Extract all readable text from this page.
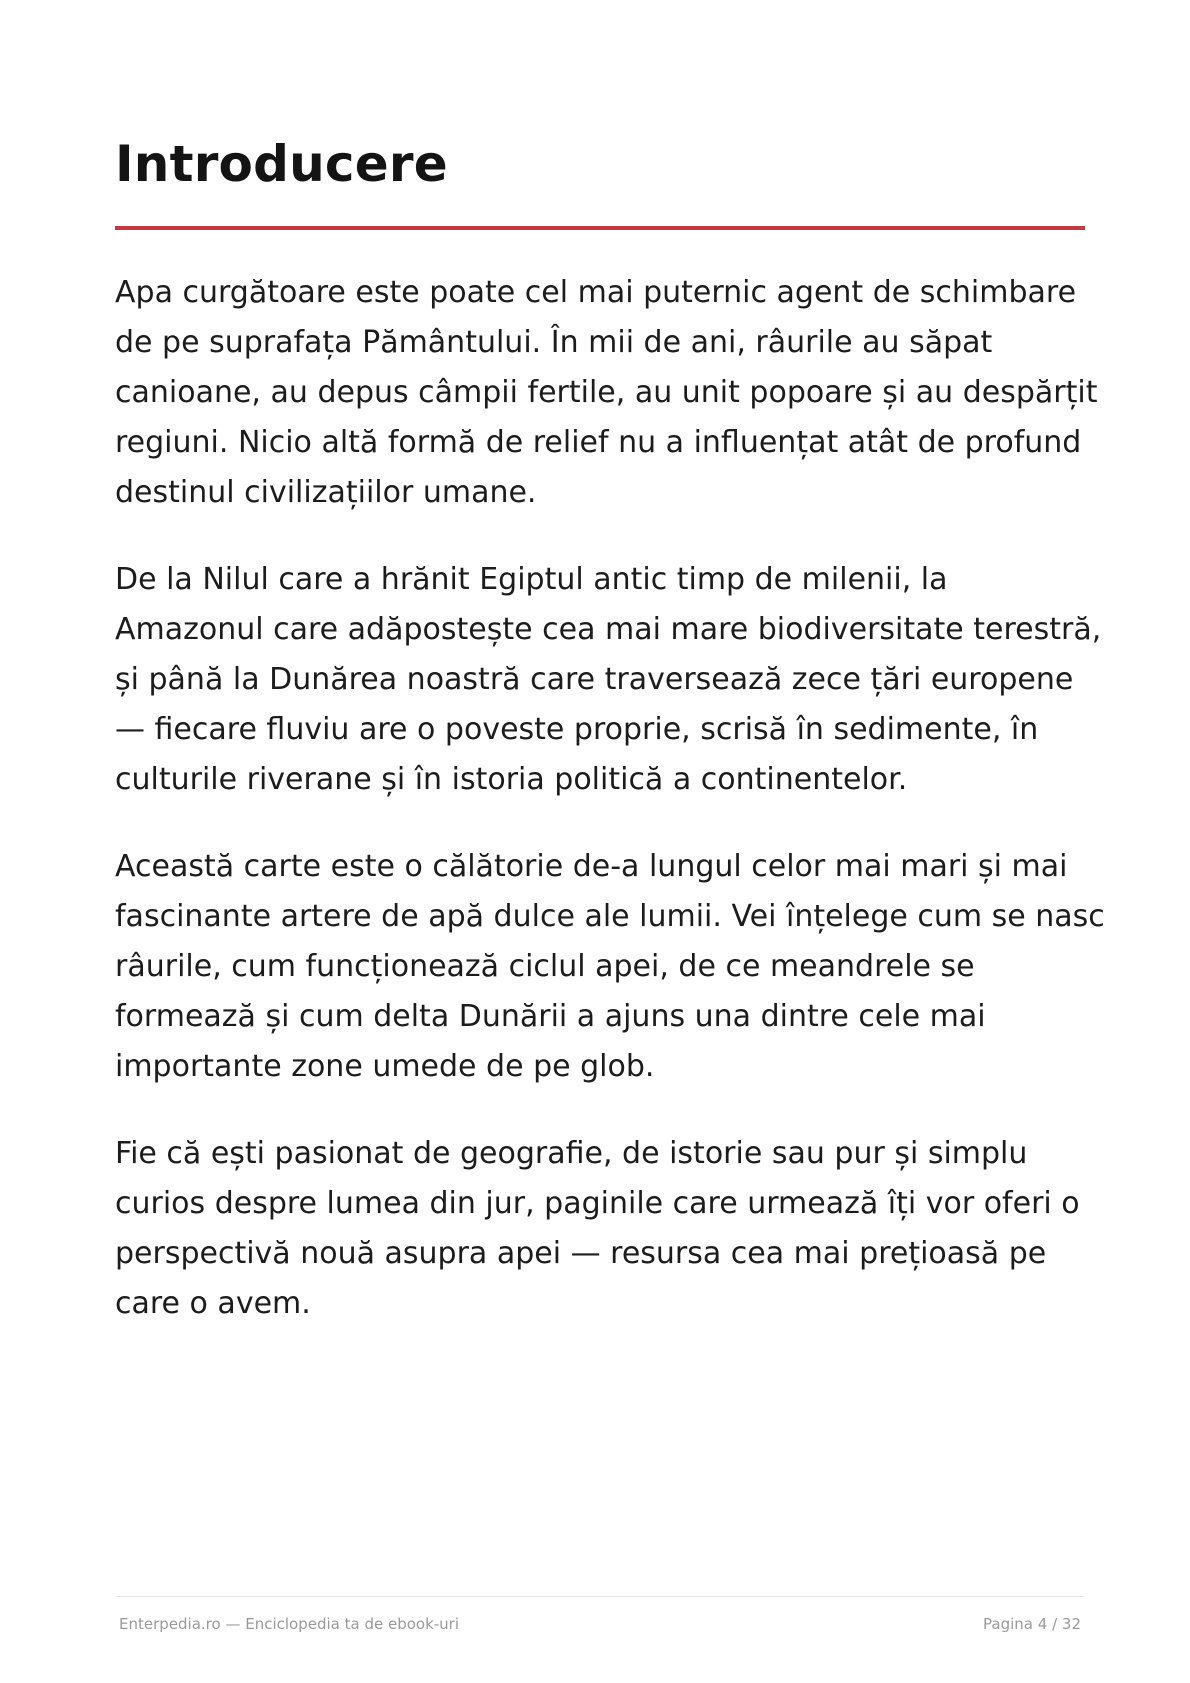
Introducere

Apa curgătoare este poate cel mai puternic agent de schimbare de pe suprafața Pământului. În mii de ani, râurile au săpat canioane, au depus câmpii fertile, au unit popoare și au despărțit regiuni. Nicio altă formă de relief nu a influențat atât de profund destinul civilizațiilor umane.

De la Nilul care a hrănit Egiptul antic timp de milenii, la Amazonul care adăpostește cea mai mare biodiversitate terestră, și până la Dunărea noastră care traversează zece țări europene — fiecare fluviu are o poveste proprie, scrisă în sedimente, în culturile riverane și în istoria politică a continentelor.

Această carte este o călătorie de-a lungul celor mai mari și mai fascinante artere de apă dulce ale lumii. Vei înțelege cum se nasc râurile, cum funcționează ciclul apei, de ce meandrele se formează și cum delta Dunării a ajuns una dintre cele mai importante zone umede de pe glob.

Fie că ești pasionat de geografie, de istorie sau pur și simplu curios despre lumea din jur, paginile care urmează îți vor oferi o perspectivă nouă asupra apei — resursa cea mai prețioasă pe care o avem.

Enterpedia.ro — Enciclopedia ta de ebook-uri	Pagina 4 / 32
